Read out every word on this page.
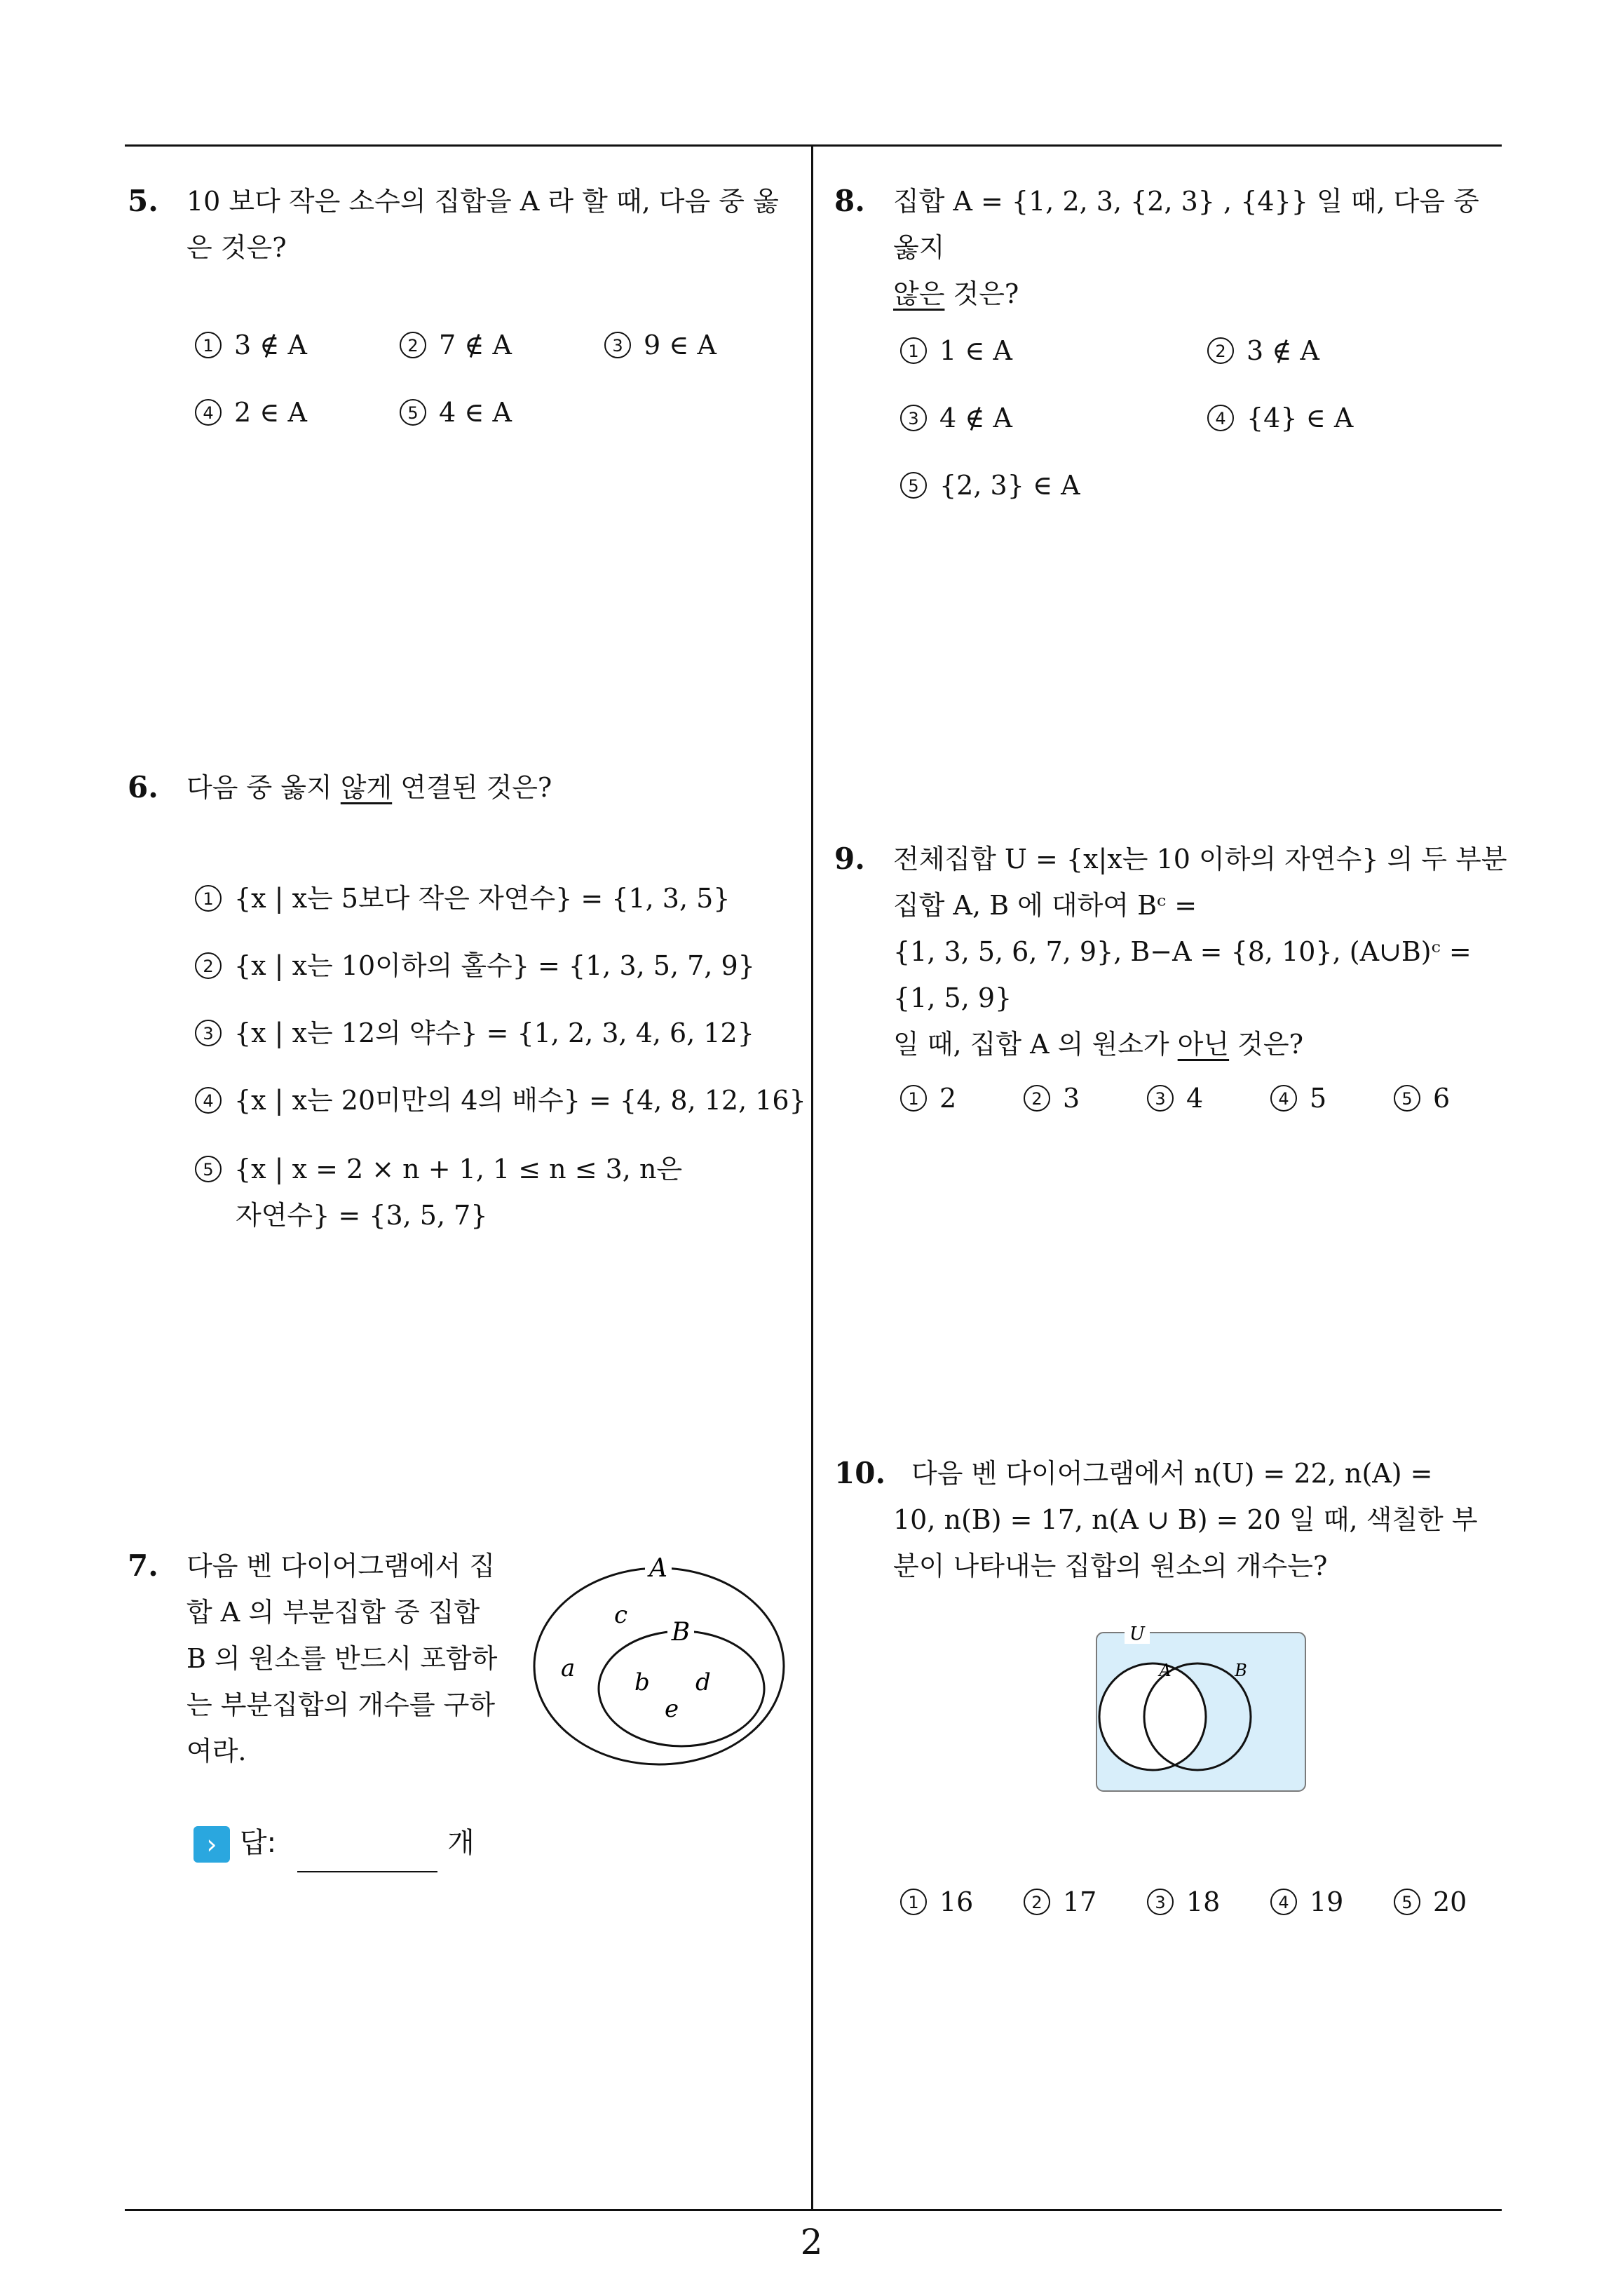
2
5. 10 보다 작은 소수의 집합을 A 라 할 때, 다음 중 옳은 것은?
1 3 ∉ A	2 7 ∉ A	3 9 ∈ A
4 2 ∈ A	5 4 ∈ A
6. 다음 중 옳지 않게 연결된 것은?
1 {x | x는 5보다 작은 자연수} = {1, 3, 5}
2 {x | x는 10이하의 홀수} = {1, 3, 5, 7, 9}
3 {x | x는 12의 약수} = {1, 2, 3, 4, 6, 12}
4 {x | x는 20미만의 4의 배수} = {4, 8, 12, 16}
5 {x | x = 2 × n + 1, 1 ≤ n ≤ 3, n은
자연수} = {3, 5, 7}
7. 다음 벤 다이어그램에서 집
합 A 의 부분집합 중 집합
B 의 원소를 반드시 포함하
는 부분집합의 개수를 구하
여라.
A
B
c
a b d
e
› 답:	개
8. 집합 A = {1, 2, 3, {2, 3} , {4}} 일 때, 다음 중 옳지
않은 것은?
1 1 ∈ A	2 3 ∉ A
3 4 ∉ A	4 {4} ∈ A
5 {2, 3} ∈ A
9. 전체집합 U = {x|x는 10 이하의 자연수} 의 두 부분
집합 A, B 에 대하여 Bᶜ =
{1, 3, 5, 6, 7, 9}, B−A = {8, 10}, (A∪B)ᶜ = {1, 5, 9}
일 때, 집합 A 의 원소가 아닌 것은?
1 2	2 3	3 4	4 5	5 6
10. 다음 벤 다이어그램에서 n(U) = 22, n(A) =
10, n(B) = 17, n(A ∪ B) = 20 일 때, 색칠한 부
분이 나타내는 집합의 원소의 개수는?
U
A	B
1 16	2 17	3 18	4 19	5 20
